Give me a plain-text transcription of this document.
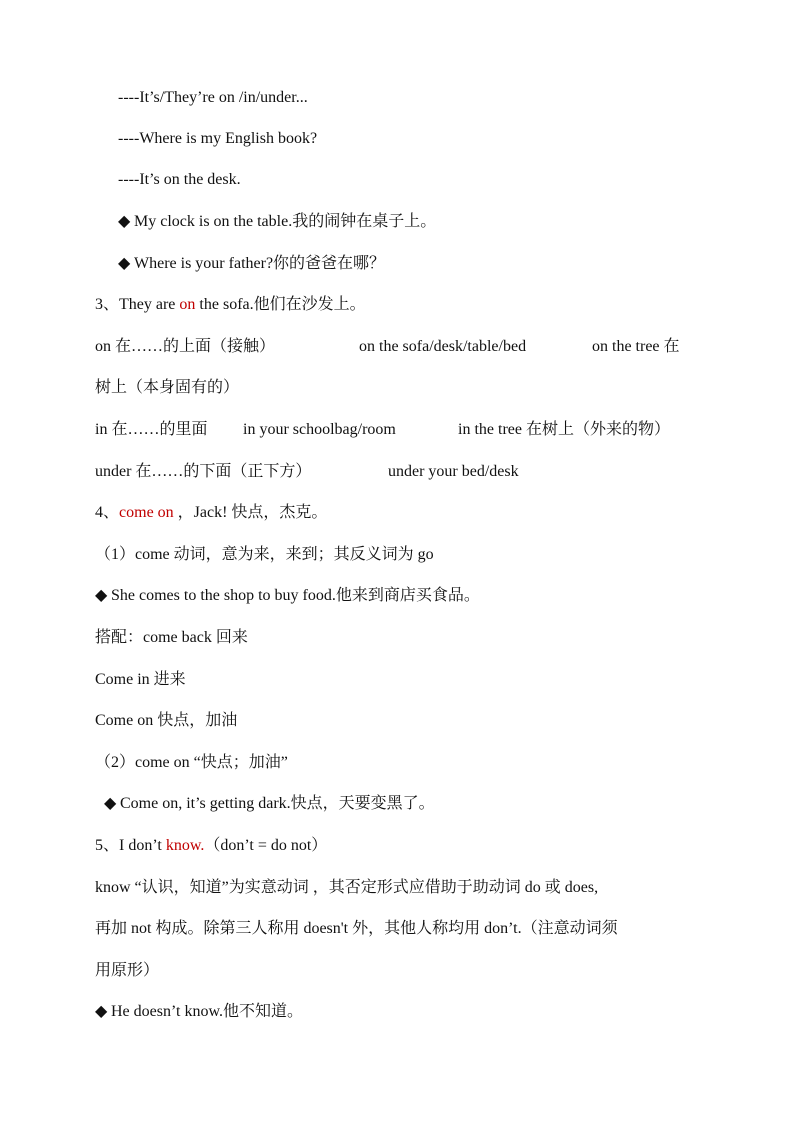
----It’s/They’re on /in/under...
----Where is my English book?
----It’s on the desk.
◆ My clock is on the table.我的闹钟在桌子上。
◆ Where is your father?你的爸爸在哪？
3、They are on the sofa.他们在沙发上。
on 在……的上面（接触）	on the sofa/desk/table/bed	on the tree 在
树上（本身固有的）
in 在……的里面 in your schoolbag/room	in the tree 在树上（外来的物）
under 在……的下面（正下方）	under your bed/desk
4、come on ，Jack! 快点，杰克。
（1）come 动词，意为来，来到；其反义词为 go
◆ She comes to the shop to buy food.他来到商店买食品。
搭配：come back 回来
Come in 进来
Come on 快点，加油
（2）come on “快点；加油”
◆ Come on, it’s getting dark.快点，天要变黑了。
5、I don’t know.（don’t = do not）
know “认识，知道”为实意动词 ，其否定形式应借助于助动词 do 或 does,
再加 not 构成。除第三人称用 doesn't 外，其他人称均用 don’t.（注意动词须
用原形）
◆ He doesn’t know.他不知道。
